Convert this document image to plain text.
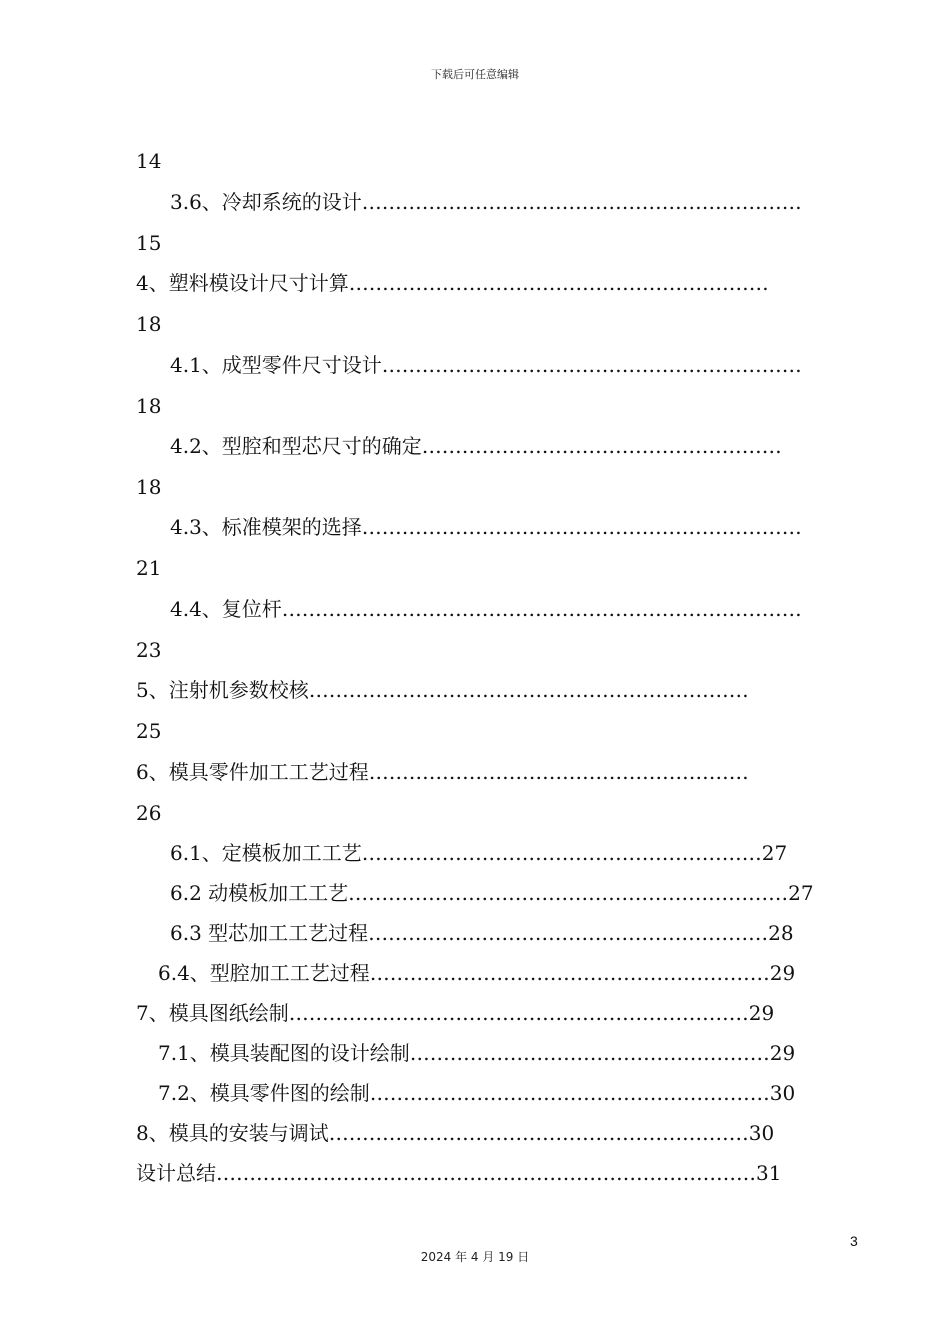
下载后可任意编辑
14
3.6、冷却系统的设计…………………………………………………………
15
4、塑料模设计尺寸计算………………………………………………………
18
4.1、成型零件尺寸设计………………………………………………………
18
4.2、型腔和型芯尺寸的确定………………………………………………
18
4.3、标准模架的选择…………………………………………………………
21
4.4、复位杆……………………………………………………………………
23
5、注射机参数校核…………………………………………………………
25
6、模具零件加工工艺过程…………………………………………………
26
6.1、定模板加工工艺……………………………………………………27
6.2 动模板加工工艺…………………………………………………………27
6.3 型芯加工工艺过程……………………………………………………28
6.4、型腔加工工艺过程……………………………………………………29
7、模具图纸绘制……………………………………………………………29
7.1、模具装配图的设计绘制………………………………………………29
7.2、模具零件图的绘制……………………………………………………30
8、模具的安装与调试………………………………………………………30
设计总结………………………………………………………………………31
3
2024 年 4 月 19 日
